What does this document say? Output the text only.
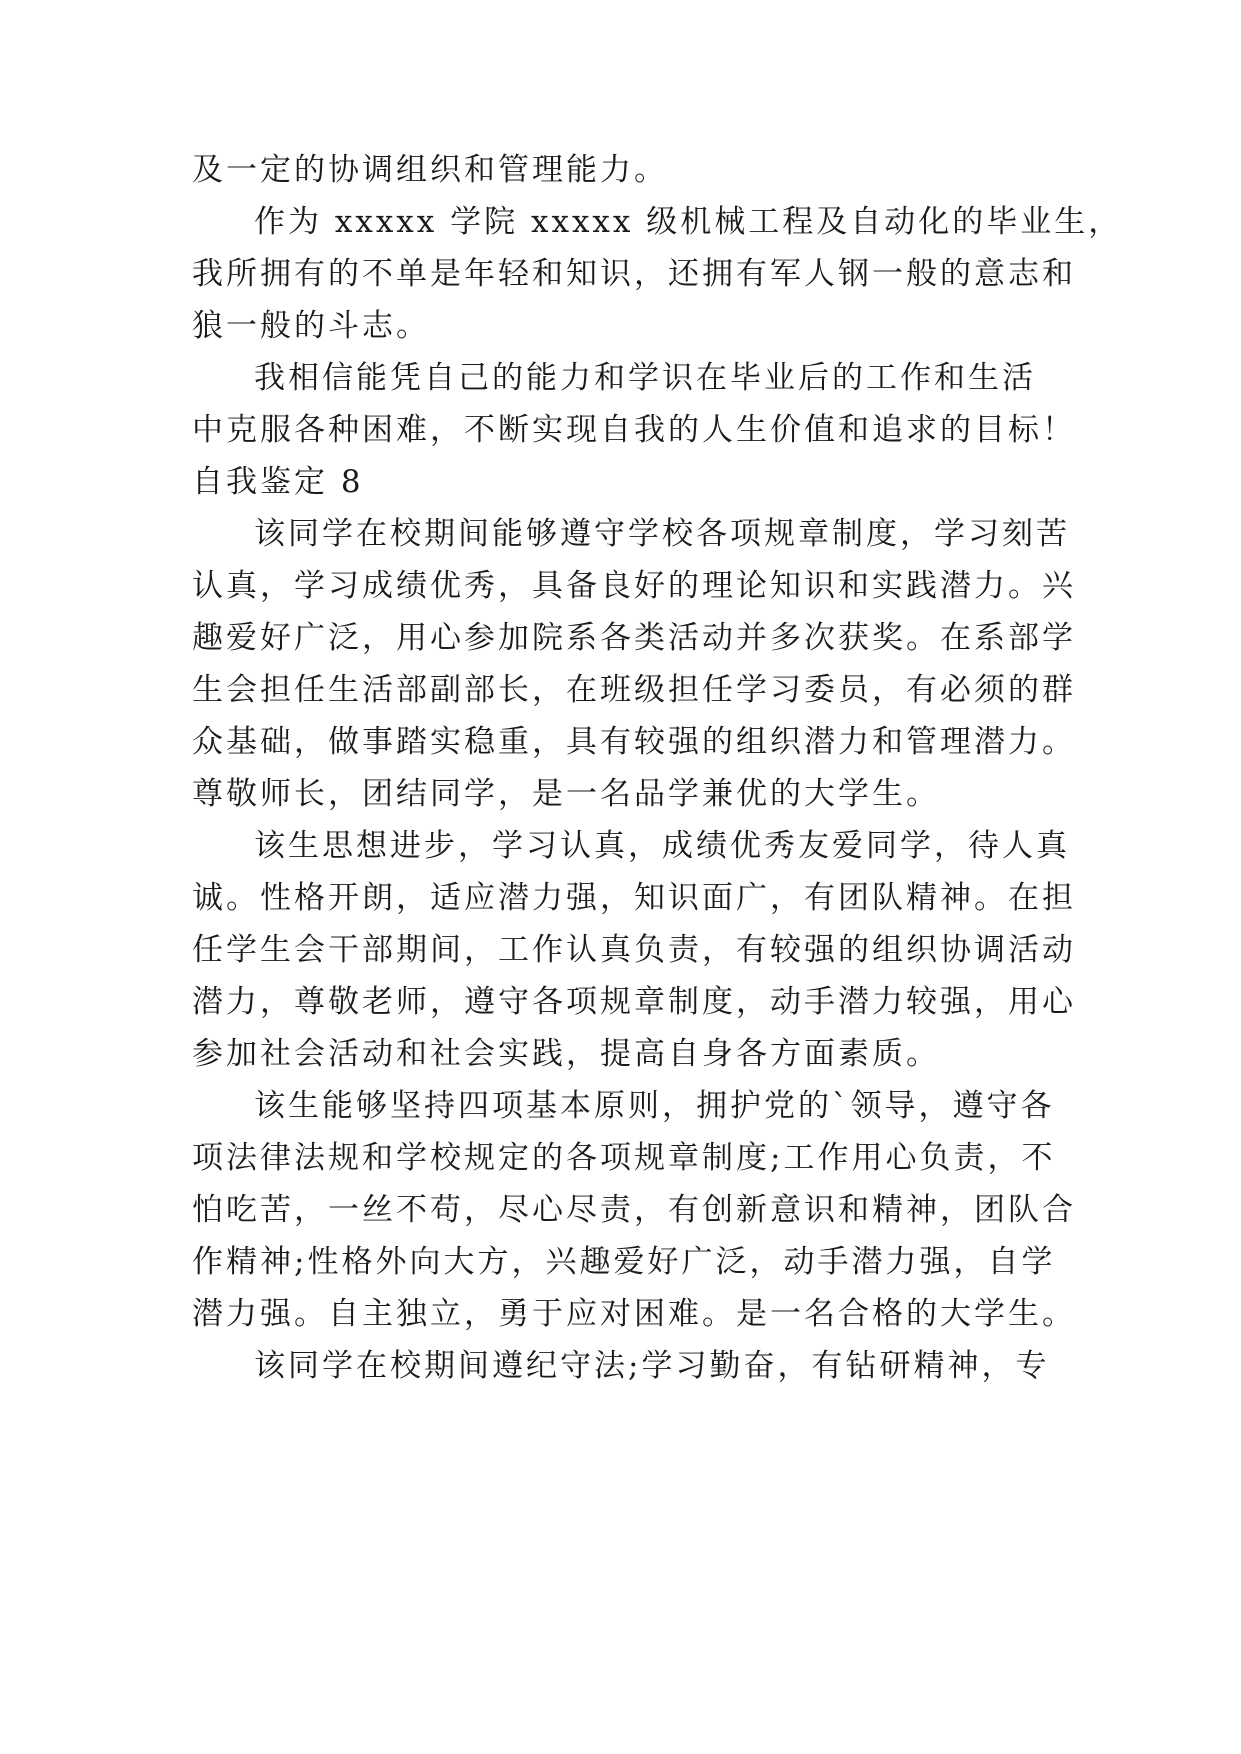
及一定的协调组织和管理能力。
作为 xxxxx 学院 xxxxx 级机械工程及自动化的毕业生，
我所拥有的不单是年轻和知识，还拥有军人钢一般的意志和
狼一般的斗志。
我相信能凭自己的能力和学识在毕业后的工作和生活
中克服各种困难，不断实现自我的人生价值和追求的目标！
自我鉴定 8
该同学在校期间能够遵守学校各项规章制度，学习刻苦
认真，学习成绩优秀，具备良好的理论知识和实践潜力。兴
趣爱好广泛，用心参加院系各类活动并多次获奖。在系部学
生会担任生活部副部长，在班级担任学习委员，有必须的群
众基础，做事踏实稳重，具有较强的组织潜力和管理潜力。
尊敬师长，团结同学，是一名品学兼优的大学生。
该生思想进步，学习认真，成绩优秀友爱同学，待人真
诚。性格开朗，适应潜力强，知识面广，有团队精神。在担
任学生会干部期间，工作认真负责，有较强的组织协调活动
潜力，尊敬老师，遵守各项规章制度，动手潜力较强，用心
参加社会活动和社会实践，提高自身各方面素质。
该生能够坚持四项基本原则，拥护党的`领导，遵守各
项法律法规和学校规定的各项规章制度;工作用心负责，不
怕吃苦，一丝不苟，尽心尽责，有创新意识和精神，团队合
作精神;性格外向大方，兴趣爱好广泛，动手潜力强，自学
潜力强。自主独立，勇于应对困难。是一名合格的大学生。
该同学在校期间遵纪守法;学习勤奋，有钻研精神，专
